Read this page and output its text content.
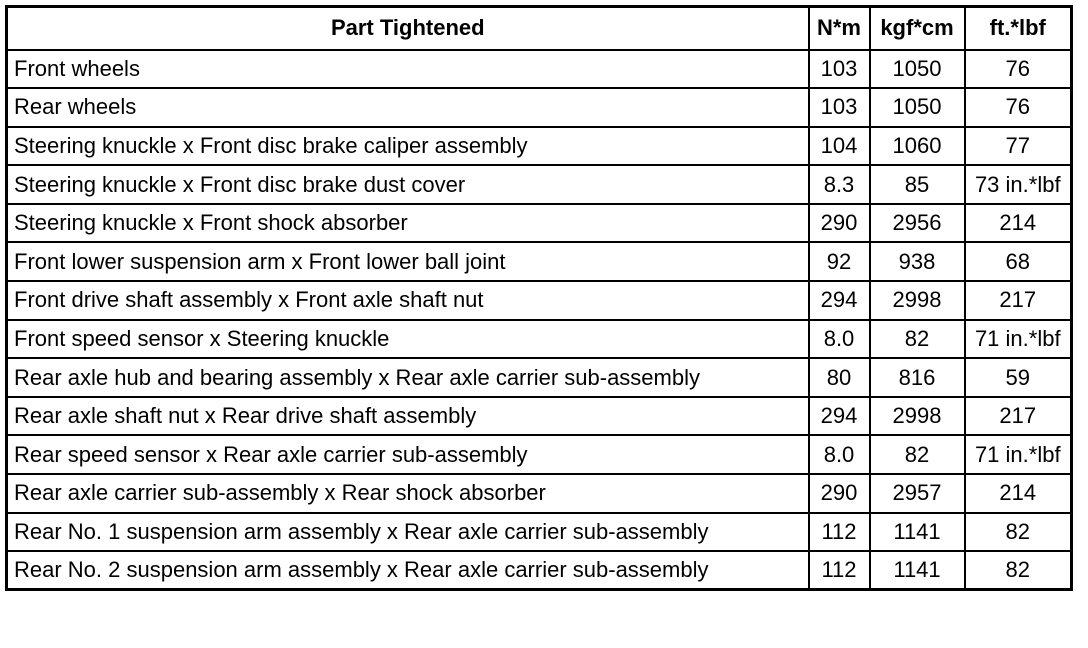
Part Tightened	N*m	kgf*cm	ft.*lbf
Front wheels	103	1050	76
Rear wheels	103	1050	76
Steering knuckle x Front disc brake caliper assembly	104	1060	77
Steering knuckle x Front disc brake dust cover	8.3	85	73 in.*lbf
Steering knuckle x Front shock absorber	290	2956	214
Front lower suspension arm x Front lower ball joint	92	938	68
Front drive shaft assembly x Front axle shaft nut	294	2998	217
Front speed sensor x Steering knuckle	8.0	82	71 in.*lbf
Rear axle hub and bearing assembly x Rear axle carrier sub-assembly	80	816	59
Rear axle shaft nut x Rear drive shaft assembly	294	2998	217
Rear speed sensor x Rear axle carrier sub-assembly	8.0	82	71 in.*lbf
Rear axle carrier sub-assembly x Rear shock absorber	290	2957	214
Rear No. 1 suspension arm assembly x Rear axle carrier sub-assembly	112	1141	82
Rear No. 2 suspension arm assembly x Rear axle carrier sub-assembly	112	1141	82
